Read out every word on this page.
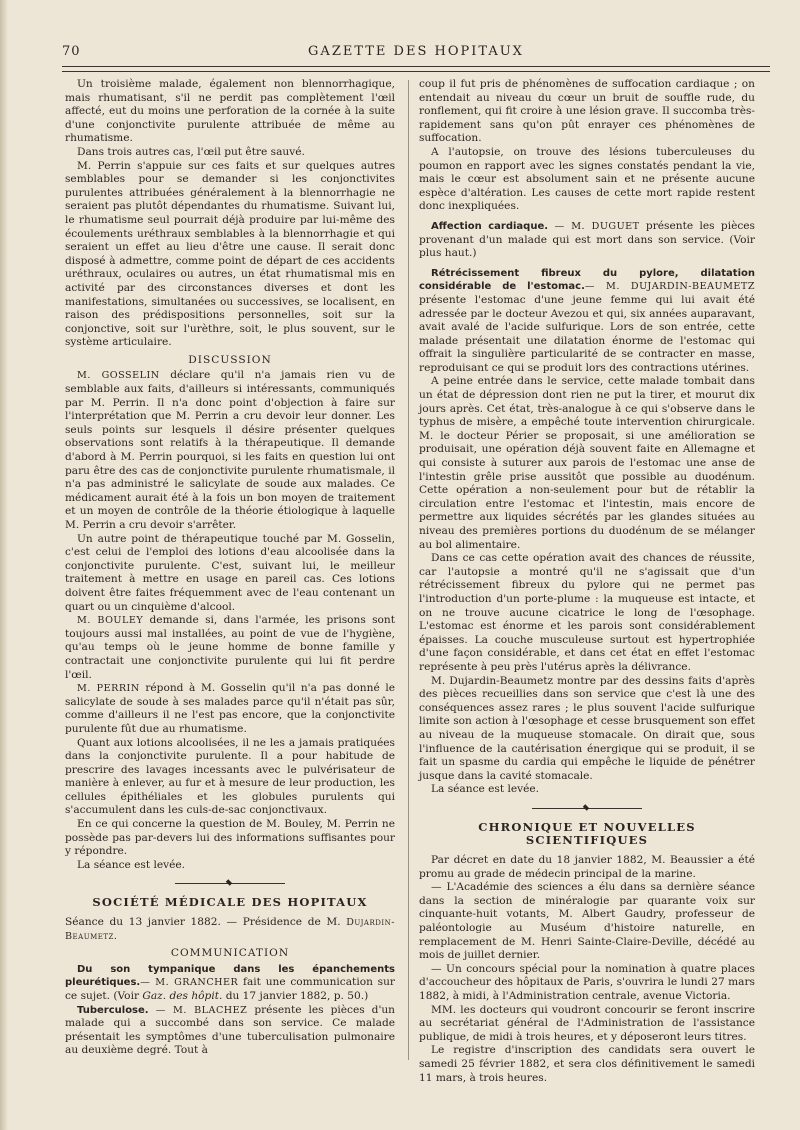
70	GAZETTE DES HOPITAUX

Un troisième malade, également non blennorrhagique, mais rhumatisant, s'il ne perdit pas complètement l'œil affecté, eut du moins une perforation de la cornée à la suite d'une conjonctivite purulente attribuée de même au rhumatisme.

Dans trois autres cas, l'œil put être sauvé.

M. Perrin s'appuie sur ces faits et sur quelques autres semblables pour se demander si les conjonctivites purulentes attribuées généralement à la blennorrhagie ne seraient pas plutôt dépendantes du rhumatisme. Suivant lui, le rhumatisme seul pourrait déjà produire par lui-même des écoulements uréthraux semblables à la blennorrhagie et qui seraient un effet au lieu d'être une cause. Il serait donc disposé à admettre, comme point de départ de ces accidents uréthraux, oculaires ou autres, un état rhumatismal mis en activité par des circonstances diverses et dont les manifestations, simultanées ou successives, se localisent, en raison des prédispositions personnelles, soit sur la conjonctive, soit sur l'urèthre, soit, le plus souvent, sur le système articulaire.

DISCUSSION

M. GOSSELIN déclare qu'il n'a jamais rien vu de semblable aux faits, d'ailleurs si intéressants, communiqués par M. Perrin. Il n'a donc point d'objection à faire sur l'interprétation que M. Perrin a cru devoir leur donner. Les seuls points sur lesquels il désire présenter quelques observations sont relatifs à la thérapeutique. Il demande d'abord à M. Perrin pourquoi, si les faits en question lui ont paru être des cas de conjonctivite purulente rhumatismale, il n'a pas administré le salicylate de soude aux malades. Ce médicament aurait été à la fois un bon moyen de traitement et un moyen de contrôle de la théorie étiologique à laquelle M. Perrin a cru devoir s'arrêter.

Un autre point de thérapeutique touché par M. Gosselin, c'est celui de l'emploi des lotions d'eau alcoolisée dans la conjonctivite purulente. C'est, suivant lui, le meilleur traitement à mettre en usage en pareil cas. Ces lotions doivent être faites fréquemment avec de l'eau contenant un quart ou un cinquième d'alcool.

M. BOULEY demande si, dans l'armée, les prisons sont toujours aussi mal installées, au point de vue de l'hygiène, qu'au temps où le jeune homme de bonne famille y contractait une conjonctivite purulente qui lui fit perdre l'œil.

M. PERRIN répond à M. Gosselin qu'il n'a pas donné le salicylate de soude à ses malades parce qu'il n'était pas sûr, comme d'ailleurs il ne l'est pas encore, que la conjonctivite purulente fût due au rhumatisme.

Quant aux lotions alcoolisées, il ne les a jamais pratiquées dans la conjonctivite purulente. Il a pour habitude de prescrire des lavages incessants avec le pulvérisateur de manière à enlever, au fur et à mesure de leur production, les cellules épithéliales et les globules purulents qui s'accumulent dans les culs-de-sac conjonctivaux.

En ce qui concerne la question de M. Bouley, M. Perrin ne possède pas par-devers lui des informations suffisantes pour y répondre.

La séance est levée.

SOCIÉTÉ MÉDICALE DES HOPITAUX

Séance du 13 janvier 1882. — Présidence de M. Dujardin-Beaumetz.

COMMUNICATION

Du son tympanique dans les épanchements pleurétiques.— M. GRANCHER fait une communication sur ce sujet. (Voir Gaz. des hôpit. du 17 janvier 1882, p. 50.)

Tuberculose. — M. BLACHEZ présente les pièces d'un malade qui a succombé dans son service. Ce malade présentait les symptômes d'une tuberculisation pulmonaire au deuxième degré. Tout à

coup il fut pris de phénomènes de suffocation cardiaque ; on entendait au niveau du cœur un bruit de souffle rude, du ronflement, qui fit croire à une lésion grave. Il succomba très-rapidement sans qu'on pût enrayer ces phénomènes de suffocation.

A l'autopsie, on trouve des lésions tuberculeuses du poumon en rapport avec les signes constatés pendant la vie, mais le cœur est absolument sain et ne présente aucune espèce d'altération. Les causes de cette mort rapide restent donc inexpliquées.

Affection cardiaque. — M. DUGUET présente les pièces provenant d'un malade qui est mort dans son service. (Voir plus haut.)

Rétrécissement fibreux du pylore, dilatation considérable de l'estomac.— M. DUJARDIN-BEAUMETZ présente l'estomac d'une jeune femme qui lui avait été adressée par le docteur Avezou et qui, six années auparavant, avait avalé de l'acide sulfurique. Lors de son entrée, cette malade présentait une dilatation énorme de l'estomac qui offrait la singulière particularité de se contracter en masse, reproduisant ce qui se produit lors des contractions utérines.

A peine entrée dans le service, cette malade tombait dans un état de dépression dont rien ne put la tirer, et mourut dix jours après. Cet état, très-analogue à ce qui s'observe dans le typhus de misère, a empêché toute intervention chirurgicale. M. le docteur Périer se proposait, si une amélioration se produisait, une opération déjà souvent faite en Allemagne et qui consiste à suturer aux parois de l'estomac une anse de l'intestin grêle prise aussitôt que possible au duodénum. Cette opération a non-seulement pour but de rétablir la circulation entre l'estomac et l'intestin, mais encore de permettre aux liquides sécrétés par les glandes situées au niveau des premières portions du duodénum de se mélanger au bol alimentaire.

Dans ce cas cette opération avait des chances de réussite, car l'autopsie a montré qu'il ne s'agissait que d'un rétrécissement fibreux du pylore qui ne permet pas l'introduction d'un porte-plume : la muqueuse est intacte, et on ne trouve aucune cicatrice le long de l'œsophage. L'estomac est énorme et les parois sont considérablement épaisses. La couche musculeuse surtout est hypertrophiée d'une façon considérable, et dans cet état en effet l'estomac représente à peu près l'utérus après la délivrance.

M. Dujardin-Beaumetz montre par des dessins faits d'après des pièces recueillies dans son service que c'est là une des conséquences assez rares ; le plus souvent l'acide sulfurique limite son action à l'œsophage et cesse brusquement son effet au niveau de la muqueuse stomacale. On dirait que, sous l'influence de la cautérisation énergique qui se produit, il se fait un spasme du cardia qui empêche le liquide de pénétrer jusque dans la cavité stomacale.

La séance est levée.

CHRONIQUE ET NOUVELLES SCIENTIFIQUES

Par décret en date du 18 janvier 1882, M. Beaussier a été promu au grade de médecin principal de la marine.

— L'Académie des sciences a élu dans sa dernière séance dans la section de minéralogie par quarante voix sur cinquante-huit votants, M. Albert Gaudry, professeur de paléontologie au Muséum d'histoire naturelle, en remplacement de M. Henri Sainte-Claire-Deville, décédé au mois de juillet dernier.

— Un concours spécial pour la nomination à quatre places d'accoucheur des hôpitaux de Paris, s'ouvrira le lundi 27 mars 1882, à midi, à l'Administration centrale, avenue Victoria.

MM. les docteurs qui voudront concourir se feront inscrire au secrétariat général de l'Administration de l'assistance publique, de midi à trois heures, et y déposeront leurs titres.

Le registre d'inscription des candidats sera ouvert le samedi 25 février 1882, et sera clos définitivement le samedi 11 mars, à trois heures.
